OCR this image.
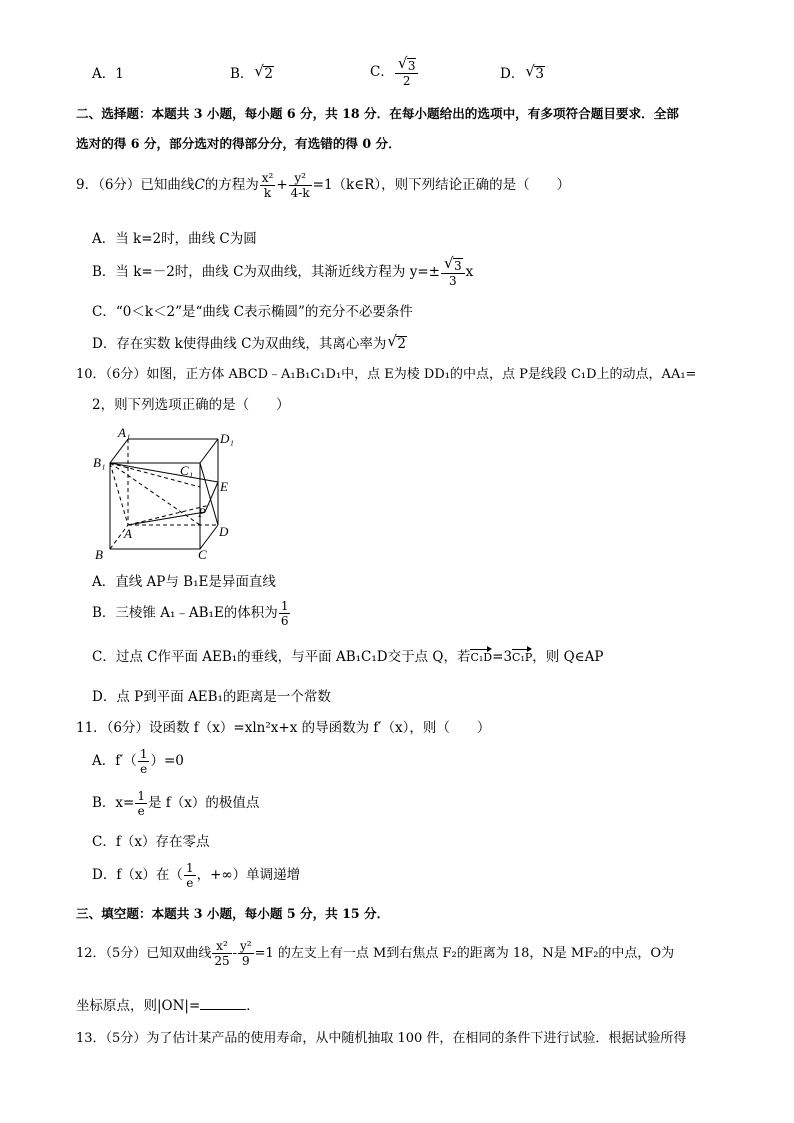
A．1	B． √ 2	C． √ $\frac{3}{2}$	D． √ 3
二、选择题：本题共 3 小题，每小题 6 分，共 18 分．在每小题给出的选项中，有多项符合题目要求．全部
选对的得 6 分，部分选对的得部分分，有选错的得 0 分．
9．（6分）已知曲线C的方程为 $\frac{\text{x²}}{k} + \frac{\text{y²}}{4-k}$ =1（k∈R），则下列结论正确的是（　　）
A．当 k=2时，曲线 C为圆
B．当 k=－2时，曲线 C为双曲线，其渐近线方程为 y=± √ $\frac{3}{3}$ x
C．“0＜k＜2”是“曲线 C表示椭圆”的充分不必要条件
D．存在实数 k使得曲线 C为双曲线，其离心率为 √ 2
10．（6分）如图，正方体 ABCD﹣A₁B₁C₁D₁中，点 E为棱 DD₁的中点，点 P是线段 C₁D上的动点，AA₁=
2，则下列选项正确的是（　　）
A₁	D₁
B₁
C₁
E
P
A	D
B	C
A．直线 AP与 B₁E是异面直线
B．三棱锥 A₁﹣AB₁E的体积为 $\frac{1}{6}$
C．过点 C作平面 AEB₁的垂线，与平面 AB₁C₁D交于点 Q，若C₁D=3C₁P，则 Q∈AP
D．点 P到平面 AEB₁的距离是一个常数
11．（6分）设函数 f（x）=xln²x+x 的导函数为 f′（x），则（　　）
A．$f'( \frac{1}{e} )=0$
B．$x= \frac{1}{e}$ 是 f（x）的极值点
C．f（x）存在零点
D．f（x）在（ $\frac{1}{e}$ ，+∞）单调递增
三、填空题：本题共 3 小题，每小题 5 分，共 15 分．
12．（5分）已知双曲线 $\frac{\text{x²}}{25} - \frac{\text{y²}}{9} =1$ 的左支上有一点 M到右焦点 F₂的距离为 18，N是 MF₂的中点，O为
坐标原点，则|ON|=	．
13．（5分）为了估计某产品的使用寿命，从中随机抽取 100 件，在相同的条件下进行试验．根据试验所得
